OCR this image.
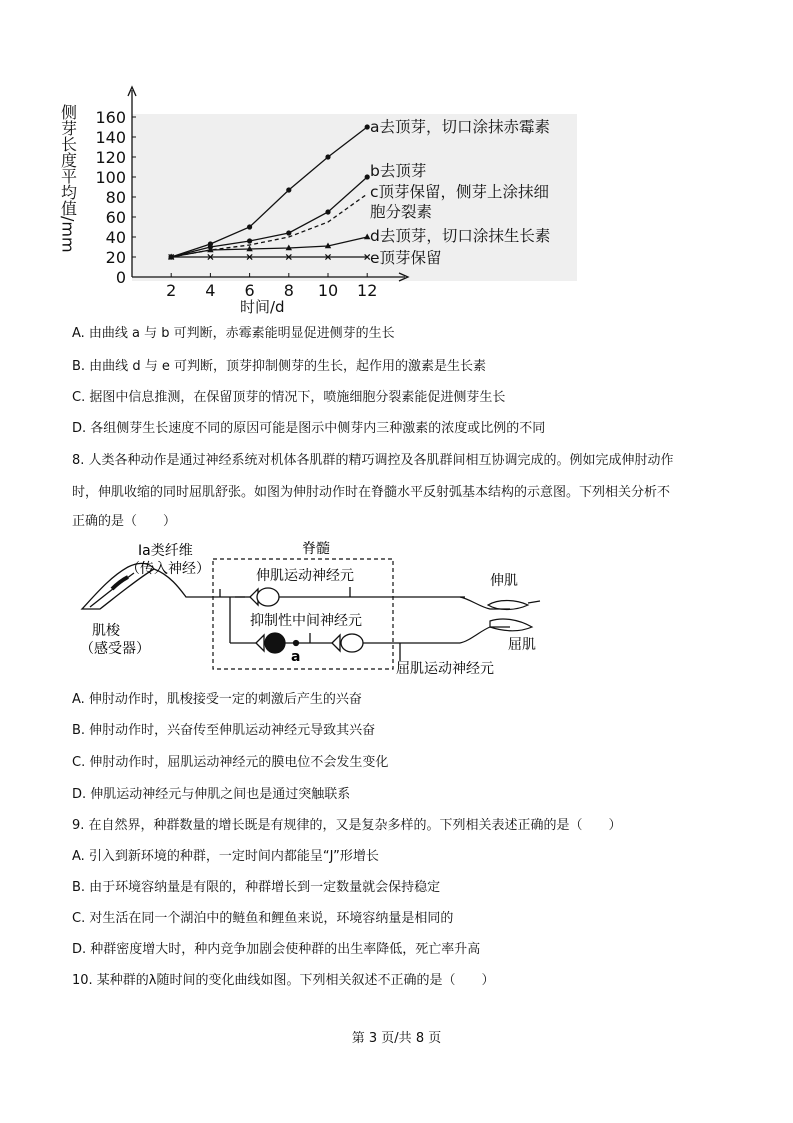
0
20
40
60
80
100
120
140
160
2 4 6 8 10 12
a去顶芽，切口涂抹赤霉素
b去顶芽
c顶芽保留，侧芽上涂抹细
胞分裂素
d去顶芽，切口涂抹生长素
e顶芽保留
侧芽长度平均值/mm
时间/d
A. 由曲线 a 与 b 可判断，赤霉素能明显促进侧芽的生长
B. 由曲线 d 与 e 可判断，顶芽抑制侧芽的生长，起作用的激素是生长素
C. 据图中信息推测，在保留顶芽的情况下，喷施细胞分裂素能促进侧芽生长
D. 各组侧芽生长速度不同的原因可能是图示中侧芽内三种激素的浓度或比例的不同
8. 人类各种动作是通过神经系统对机体各肌群的精巧调控及各肌群间相互协调完成的。例如完成伸肘动作
时，伸肌收缩的同时屈肌舒张。如图为伸肘动作时在脊髓水平反射弧基本结构的示意图。下列相关分析不
正确的是（　　）
Ia类纤维
（传入神经）
肌梭
（感受器）
脊髓
伸肌运动神经元
抑制性中间神经元
a
伸肌
屈肌
屈肌运动神经元
A. 伸肘动作时，肌梭接受一定的刺激后产生的兴奋
B. 伸肘动作时，兴奋传至伸肌运动神经元导致其兴奋
C. 伸肘动作时，屈肌运动神经元的膜电位不会发生变化
D. 伸肌运动神经元与伸肌之间也是通过突触联系
9. 在自然界，种群数量的增长既是有规律的，又是复杂多样的。下列相关表述正确的是（　　）
A. 引入到新环境的种群，一定时间内都能呈“J”形增长
B. 由于环境容纳量是有限的，种群增长到一定数量就会保持稳定
C. 对生活在同一个湖泊中的鲢鱼和鲤鱼来说，环境容纳量是相同的
D. 种群密度增大时，种内竞争加剧会使种群的出生率降低，死亡率升高
10. 某种群的λ随时间的变化曲线如图。下列相关叙述不正确的是（　　）
第 3 页/共 8 页
